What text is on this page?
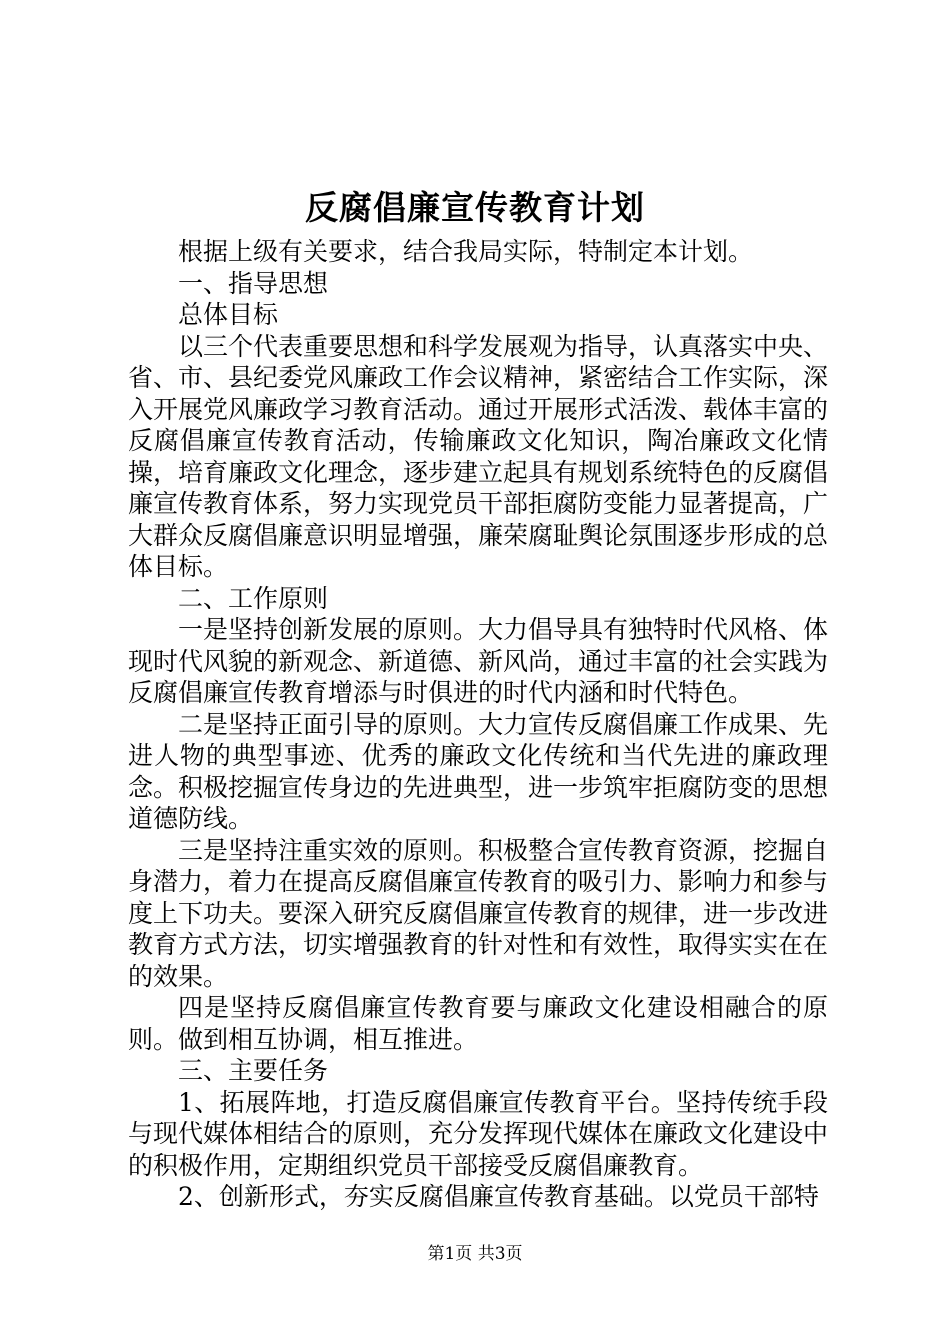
反腐倡廉宣传教育计划

根据上级有关要求，结合我局实际，特制定本计划。

一、指导思想

总体目标

以三个代表重要思想和科学发展观为指导，认真落实中央、省、市、县纪委党风廉政工作会议精神，紧密结合工作实际，深入开展党风廉政学习教育活动。通过开展形式活泼、载体丰富的反腐倡廉宣传教育活动，传输廉政文化知识，陶冶廉政文化情操，培育廉政文化理念，逐步建立起具有规划系统特色的反腐倡廉宣传教育体系，努力实现党员干部拒腐防变能力显著提高，广大群众反腐倡廉意识明显增强，廉荣腐耻舆论氛围逐步形成的总体目标。

二、工作原则

一是坚持创新发展的原则。大力倡导具有独特时代风格、体现时代风貌的新观念、新道德、新风尚，通过丰富的社会实践为反腐倡廉宣传教育增添与时俱进的时代内涵和时代特色。

二是坚持正面引导的原则。大力宣传反腐倡廉工作成果、先进人物的典型事迹、优秀的廉政文化传统和当代先进的廉政理念。积极挖掘宣传身边的先进典型，进一步筑牢拒腐防变的思想道德防线。

三是坚持注重实效的原则。积极整合宣传教育资源，挖掘自身潜力，着力在提高反腐倡廉宣传教育的吸引力、影响力和参与度上下功夫。要深入研究反腐倡廉宣传教育的规律，进一步改进教育方式方法，切实增强教育的针对性和有效性，取得实实在在的效果。

四是坚持反腐倡廉宣传教育要与廉政文化建设相融合的原则。做到相互协调，相互推进。

三、主要任务

1、拓展阵地，打造反腐倡廉宣传教育平台。坚持传统手段与现代媒体相结合的原则，充分发挥现代媒体在廉政文化建设中的积极作用，定期组织党员干部接受反腐倡廉教育。

2、创新形式，夯实反腐倡廉宣传教育基础。以党员干部特

第1页 共3页
